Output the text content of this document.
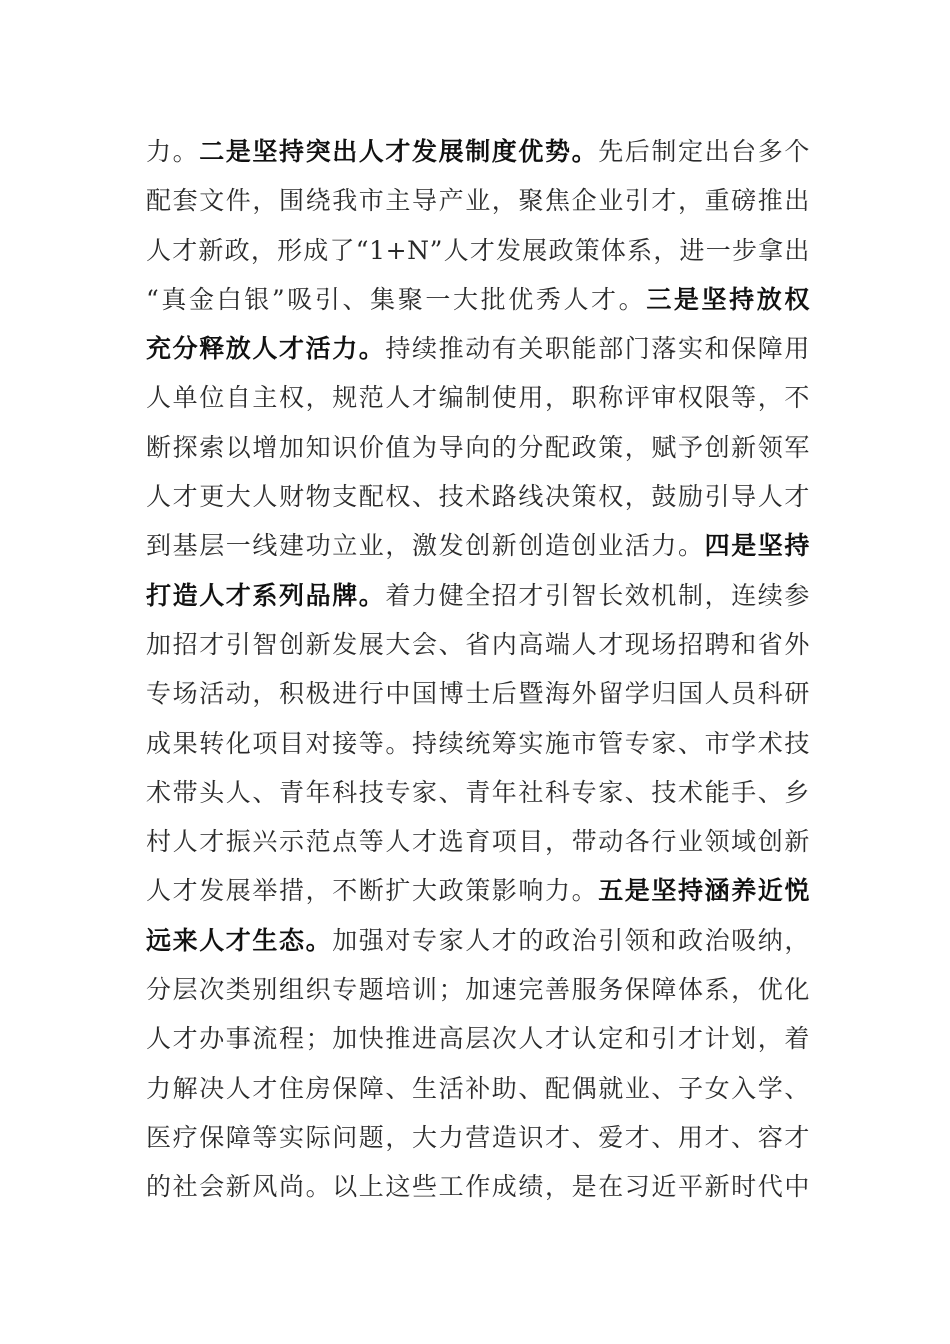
力。二是坚持突出人才发展制度优势。先后制定出台多个
配套文件，围绕我市主导产业，聚焦企业引才，重磅推出
人才新政，形成了“1+N”人才发展政策体系，进一步拿出
“真金白银”吸引、集聚一大批优秀人才。三是坚持放权
充分释放人才活力。持续推动有关职能部门落实和保障用
人单位自主权，规范人才编制使用，职称评审权限等，不
断探索以增加知识价值为导向的分配政策，赋予创新领军
人才更大人财物支配权、技术路线决策权，鼓励引导人才
到基层一线建功立业，激发创新创造创业活力。四是坚持
打造人才系列品牌。着力健全招才引智长效机制，连续参
加招才引智创新发展大会、省内高端人才现场招聘和省外
专场活动，积极进行中国博士后暨海外留学归国人员科研
成果转化项目对接等。持续统筹实施市管专家、市学术技
术带头人、青年科技专家、青年社科专家、技术能手、乡
村人才振兴示范点等人才选育项目，带动各行业领域创新
人才发展举措，不断扩大政策影响力。五是坚持涵养近悦
远来人才生态。加强对专家人才的政治引领和政治吸纳，
分层次类别组织专题培训；加速完善服务保障体系，优化
人才办事流程；加快推进高层次人才认定和引才计划，着
力解决人才住房保障、生活补助、配偶就业、子女入学、
医疗保障等实际问题，大力营造识才、爱才、用才、容才
的社会新风尚。以上这些工作成绩，是在习近平新时代中
